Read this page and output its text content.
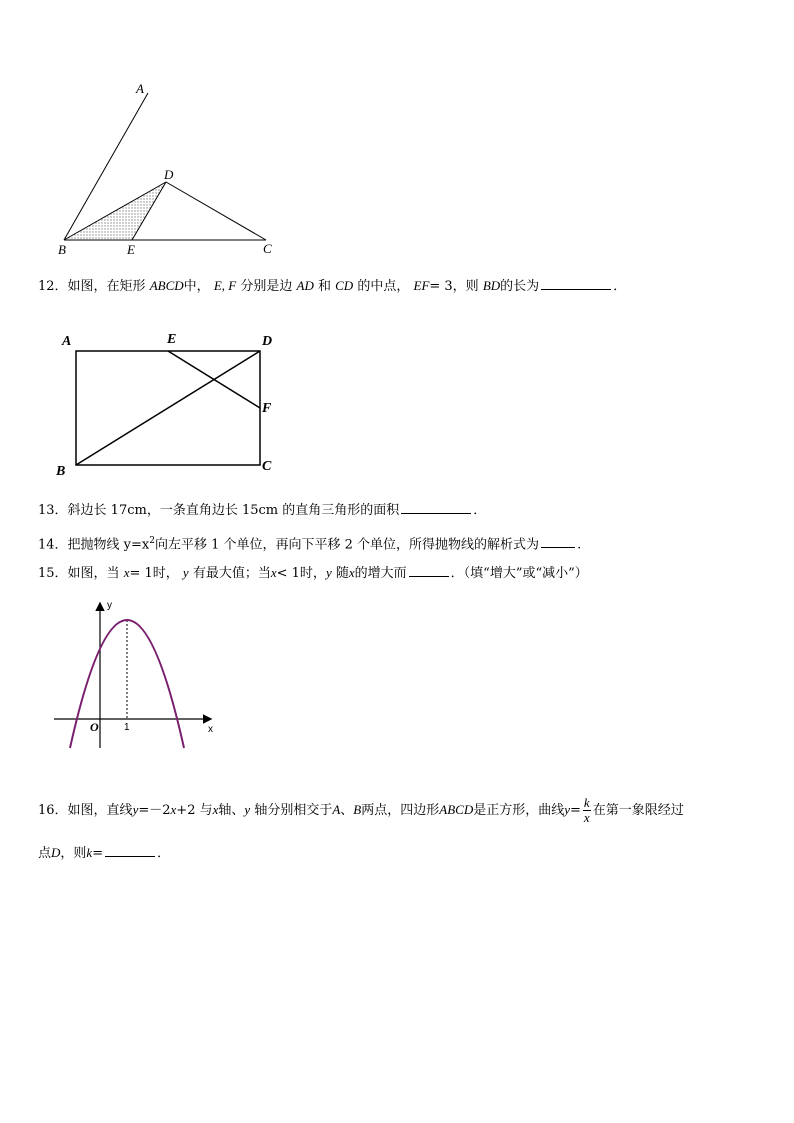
A
D
B	E	C
12．如图，在矩形 ABCD中， E, F 分别是边 AD 和 CD 的中点， EF= 3，则 BD的长为	．
A	E	D
F
B	C
13．斜边长 17cm，一条直角边长 15cm 的直角三角形的面积	．
14．把抛物线 $y=x^2$向左平移 1 个单位，再向下平移 2 个单位，所得抛物线的解析式为	.
15．如图，当 x= 1时， y 有最大值；当x< 1时，y 随x的增大而	．（填“增大”或“减小”）
y
x
O	1
16．如图，直线y=－2x+2 与x轴、y 轴分别相交于A、B两点，四边形ABCD是正方形，曲线$y= \frac{k}{x}$ 在第一象限经过
点D，则k=	．
